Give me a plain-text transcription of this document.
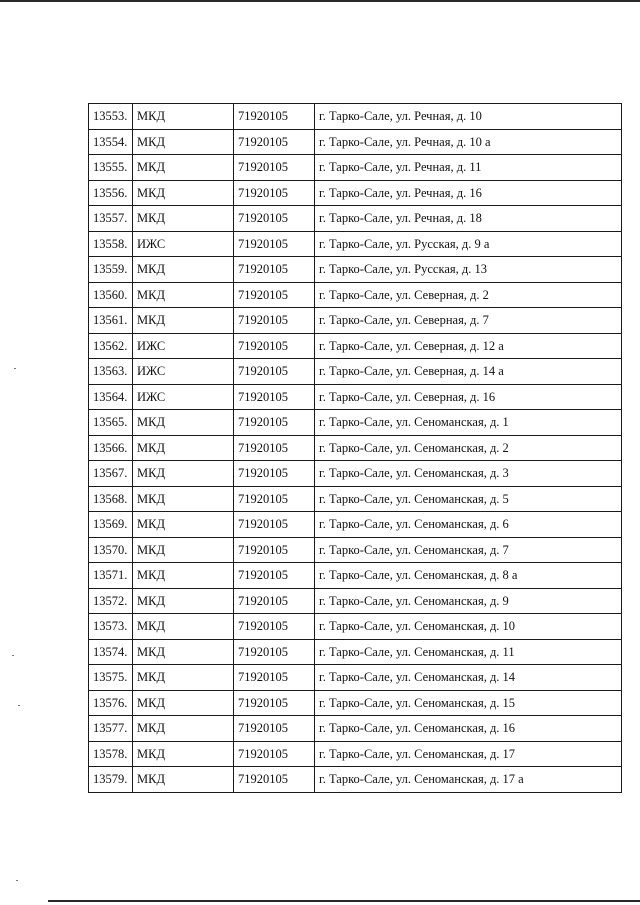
13553.	МКД	71920105	г. Тарко-Сале, ул. Речная, д. 10
13554.	МКД	71920105	г. Тарко-Сале, ул. Речная, д. 10 а
13555.	МКД	71920105	г. Тарко-Сале, ул. Речная, д. 11
13556.	МКД	71920105	г. Тарко-Сале, ул. Речная, д. 16
13557.	МКД	71920105	г. Тарко-Сале, ул. Речная, д. 18
13558.	ИЖС	71920105	г. Тарко-Сале, ул. Русская, д. 9 а
13559.	МКД	71920105	г. Тарко-Сале, ул. Русская, д. 13
13560.	МКД	71920105	г. Тарко-Сале, ул. Северная, д. 2
13561.	МКД	71920105	г. Тарко-Сале, ул. Северная, д. 7
13562.	ИЖС	71920105	г. Тарко-Сале, ул. Северная, д. 12 а
13563.	ИЖС	71920105	г. Тарко-Сале, ул. Северная, д. 14 а
13564.	ИЖС	71920105	г. Тарко-Сале, ул. Северная, д. 16
13565.	МКД	71920105	г. Тарко-Сале, ул. Сеноманская, д. 1
13566.	МКД	71920105	г. Тарко-Сале, ул. Сеноманская, д. 2
13567.	МКД	71920105	г. Тарко-Сале, ул. Сеноманская, д. 3
13568.	МКД	71920105	г. Тарко-Сале, ул. Сеноманская, д. 5
13569.	МКД	71920105	г. Тарко-Сале, ул. Сеноманская, д. 6
13570.	МКД	71920105	г. Тарко-Сале, ул. Сеноманская, д. 7
13571.	МКД	71920105	г. Тарко-Сале, ул. Сеноманская, д. 8 а
13572.	МКД	71920105	г. Тарко-Сале, ул. Сеноманская, д. 9
13573.	МКД	71920105	г. Тарко-Сале, ул. Сеноманская, д. 10
13574.	МКД	71920105	г. Тарко-Сале, ул. Сеноманская, д. 11
13575.	МКД	71920105	г. Тарко-Сале, ул. Сеноманская, д. 14
13576.	МКД	71920105	г. Тарко-Сале, ул. Сеноманская, д. 15
13577.	МКД	71920105	г. Тарко-Сале, ул. Сеноманская, д. 16
13578.	МКД	71920105	г. Тарко-Сале, ул. Сеноманская, д. 17
13579.	МКД	71920105	г. Тарко-Сале, ул. Сеноманская, д. 17 а
